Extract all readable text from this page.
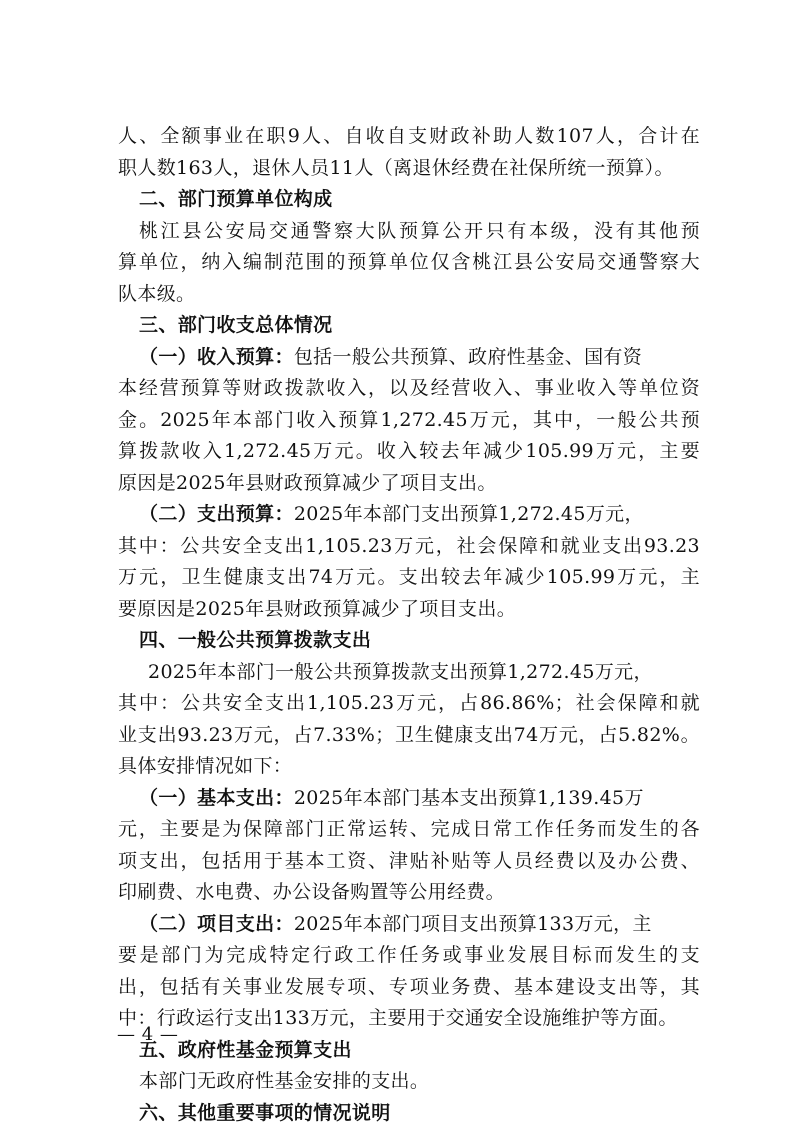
人、全额事业在职9人、自收自支财政补助人数107人，合计在
职人数163人，退休人员11人（离退休经费在社保所统一预算）。
二、部门预算单位构成
桃江县公安局交通警察大队预算公开只有本级，没有其他预
算单位，纳入编制范围的预算单位仅含桃江县公安局交通警察大
队本级。
三、部门收支总体情况
（一）收入预算：包括一般公共预算、政府性基金、国有资
本经营预算等财政拨款收入，以及经营收入、事业收入等单位资
金。2025年本部门收入预算1,272.45万元，其中，一般公共预
算拨款收入1,272.45万元。收入较去年减少105.99万元，主要
原因是2025年县财政预算减少了项目支出。
（二）支出预算：2025年本部门支出预算1,272.45万元，
其中：公共安全支出1,105.23万元，社会保障和就业支出93.23
万元，卫生健康支出74万元。支出较去年减少105.99万元，主
要原因是2025年县财政预算减少了项目支出。
四、一般公共预算拨款支出
2025年本部门一般公共预算拨款支出预算1,272.45万元，
其中：公共安全支出1,105.23万元，占86.86%；社会保障和就
业支出93.23万元，占7.33%；卫生健康支出74万元，占5.82%。
具体安排情况如下：
（一）基本支出：2025年本部门基本支出预算1,139.45万
元，主要是为保障部门正常运转、完成日常工作任务而发生的各
项支出，包括用于基本工资、津贴补贴等人员经费以及办公费、
印刷费、水电费、办公设备购置等公用经费。
（二）项目支出：2025年本部门项目支出预算133万元，主
要是部门为完成特定行政工作任务或事业发展目标而发生的支
出，包括有关事业发展专项、专项业务费、基本建设支出等，其
中：行政运行支出133万元，主要用于交通安全设施维护等方面。
五、政府性基金预算支出
本部门无政府性基金安排的支出。
六、其他重要事项的情况说明
— 4 —
